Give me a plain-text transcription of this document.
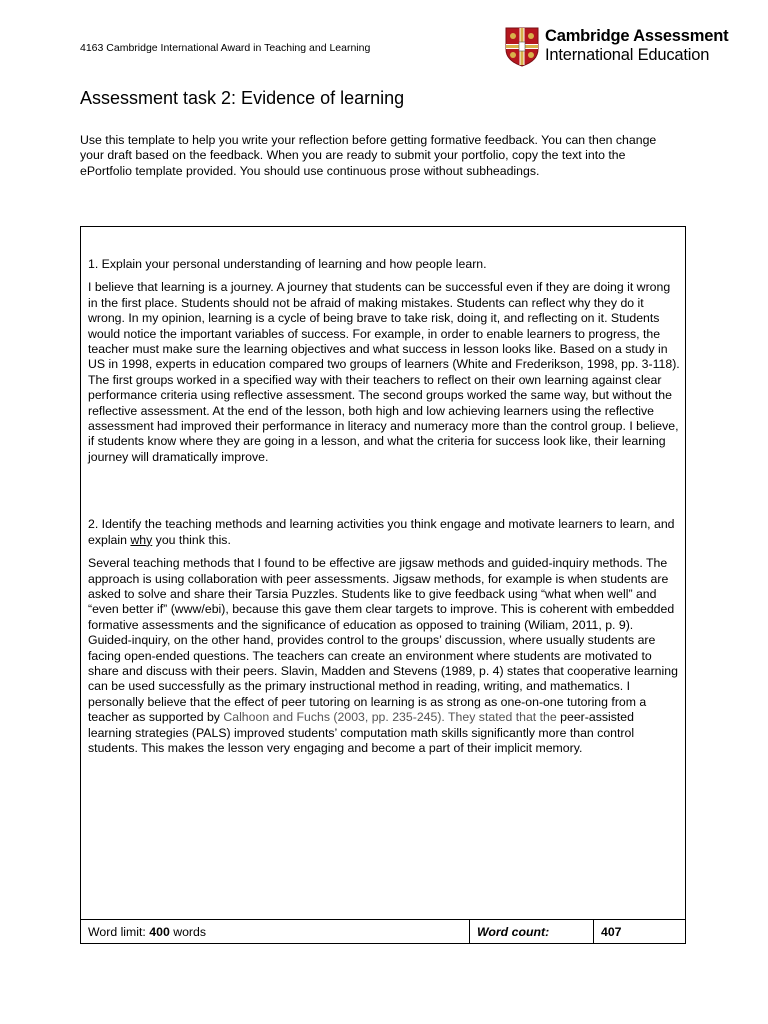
4163 Cambridge International Award in Teaching and Learning
Cambridge Assessment
International Education
Assessment task 2: Evidence of learning
Use this template to help you write your reflection before getting formative feedback. You can then change your draft based on the feedback. When you are ready to submit your portfolio, copy the text into the ePortfolio template provided. You should use continuous prose without subheadings.

1. Explain your personal understanding of learning and how people learn.

I believe that learning is a journey. A journey that students can be successful even if they are doing it wrong in the first place. Students should not be afraid of making mistakes. Students can reflect why they do it wrong. In my opinion, learning is a cycle of being brave to take risk, doing it, and reflecting on it. Students would notice the important variables of success. For example, in order to enable learners to progress, the teacher must make sure the learning objectives and what success in lesson looks like. Based on a study in US in 1998, experts in education compared two groups of learners (White and Frederikson, 1998, pp. 3-118). The first groups worked in a specified way with their teachers to reflect on their own learning against clear performance criteria using reflective assessment. The second groups worked the same way, but without the reflective assessment. At the end of the lesson, both high and low achieving learners using the reflective assessment had improved their performance in literacy and numeracy more than the control group. I believe, if students know where they are going in a lesson, and what the criteria for success look like, their learning journey will dramatically improve.

2. Identify the teaching methods and learning activities you think engage and motivate learners to learn, and explain why you think this.

Several teaching methods that I found to be effective are jigsaw methods and guided-inquiry methods. The approach is using collaboration with peer assessments. Jigsaw methods, for example is when students are asked to solve and share their Tarsia Puzzles. Students like to give feedback using “what when well” and “even better if” (www/ebi), because this gave them clear targets to improve. This is coherent with embedded formative assessments and the significance of education as opposed to training (Wiliam, 2011, p. 9). Guided-inquiry, on the other hand, provides control to the groups’ discussion, where usually students are facing open-ended questions. The teachers can create an environment where students are motivated to share and discuss with their peers. Slavin, Madden and Stevens (1989, p. 4) states that cooperative learning can be used successfully as the primary instructional method in reading, writing, and mathematics. I personally believe that the effect of peer tutoring on learning is as strong as one-on-one tutoring from a teacher as supported by Calhoon and Fuchs (2003, pp. 235-245). They stated that the peer-assisted learning strategies (PALS) improved students’ computation math skills significantly more than control students. This makes the lesson very engaging and become a part of their implicit memory.

Word limit: 400 words	Word count:	407
